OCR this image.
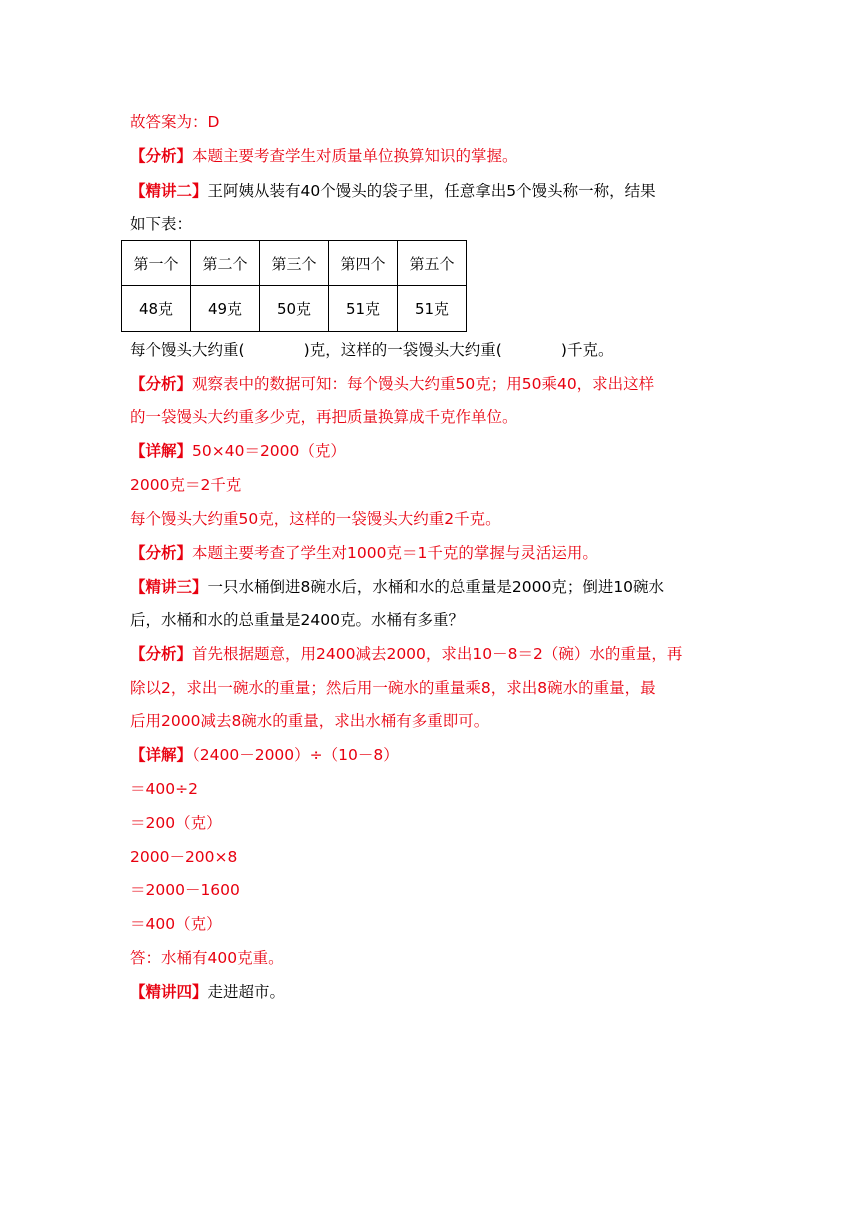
故答案为：D
【分析】本题主要考查学生对质量单位换算知识的掌握。
【精讲二】王阿姨从装有40个馒头的袋子里，任意拿出5个馒头称一称，结果
如下表：
第一个	第二个	第三个	第四个	第五个
48克	49克	50克	51克	51克
每个馒头大约重(            )克，这样的一袋馒头大约重(            )千克。
【分析】观察表中的数据可知：每个馒头大约重50克；用50乘40，求出这样
的一袋馒头大约重多少克，再把质量换算成千克作单位。
【详解】50×40＝2000（克）
2000克＝2千克
每个馒头大约重50克，这样的一袋馒头大约重2千克。
【分析】本题主要考查了学生对1000克＝1千克的掌握与灵活运用。
【精讲三】一只水桶倒进8碗水后，水桶和水的总重量是2000克；倒进10碗水
后，水桶和水的总重量是2400克。水桶有多重？
【分析】首先根据题意，用2400减去2000，求出10－8＝2（碗）水的重量，再
除以2，求出一碗水的重量；然后用一碗水的重量乘8，求出8碗水的重量，最
后用2000减去8碗水的重量，求出水桶有多重即可。
【详解】（2400－2000）÷（10－8）
＝400÷2
＝200（克）
2000－200×8
＝2000－1600
＝400（克）
答：水桶有400克重。
【精讲四】走进超市。
